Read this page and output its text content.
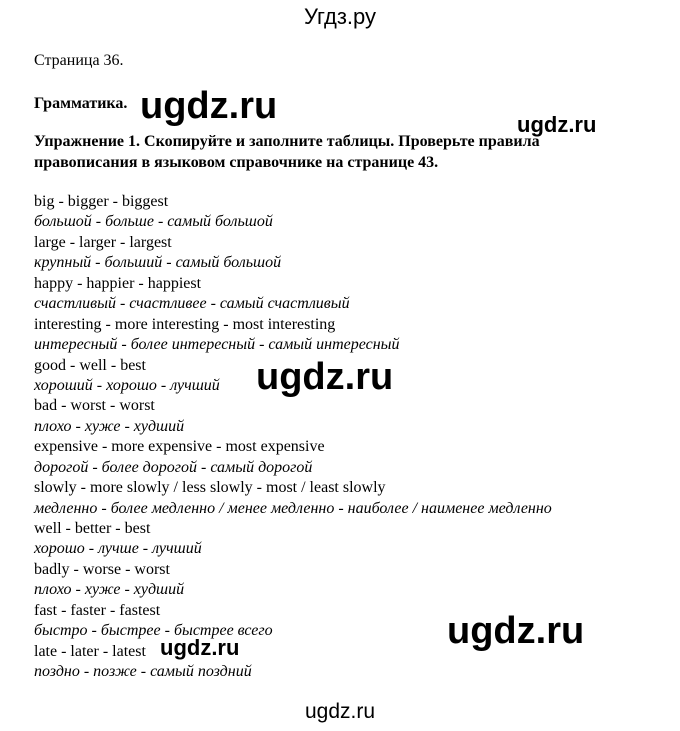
Угдз.ру
Страница 36.
Грамматика.
Упражнение 1. Скопируйте и заполните таблицы. Проверьте правила
правописания в языковом справочнике на странице 43.
big - bigger - biggest
большой - больше - самый большой
large - larger - largest
крупный - больший - самый большой
happy - happier - happiest
счастливый - счастливее - самый счастливый
interesting - more interesting - most interesting
интересный - более интересный - самый интересный
good - well - best
хороший - хорошо - лучший
bad - worst - worst
плохо - хуже - худший
expensive - more expensive - most expensive
дорогой - более дорогой - самый дорогой
slowly - more slowly / less slowly - most / least slowly
медленно - более медленно / менее медленно - наиболее / наименее медленно
well - better - best
хорошо - лучше - лучший
badly - worse - worst
плохо - хуже - худший
fast - faster - fastest
быстро - быстрее - быстрее всего
late - later - latest
поздно - позже - самый поздний
ugdz.ru	ugdz.ru
ugdz.ru
ugdz.ru
ugdz.ru
ugdz.ru
